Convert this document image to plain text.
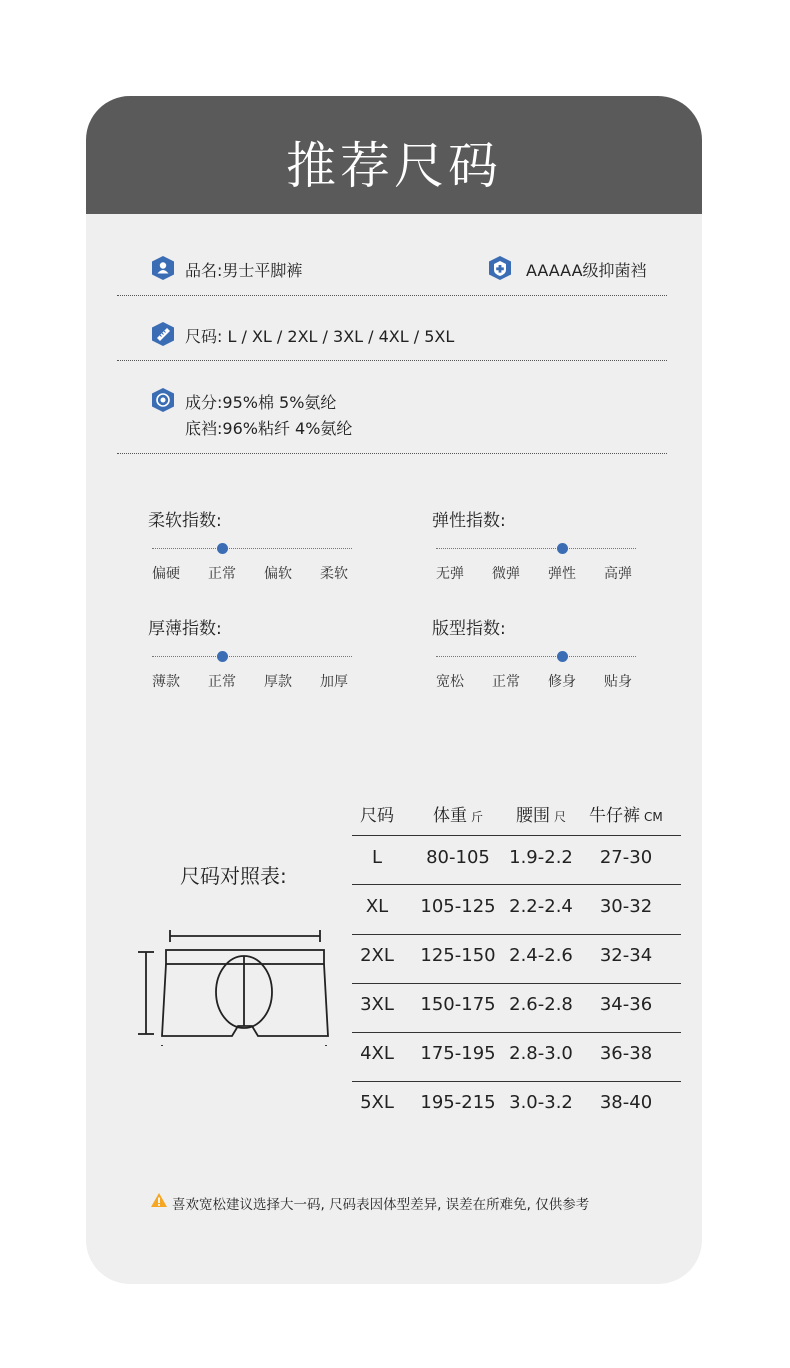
推荐尺码
品名:男士平脚裤	AAAAA级抑菌裆
尺码: L / XL / 2XL / 3XL / 4XL / 5XL
成分:95%棉 5%氨纶
底裆:96%粘纤 4%氨纶
柔软指数:
偏硬 正常 偏软 柔软
弹性指数:
无弹 微弹 弹性 高弹
厚薄指数:
薄款 正常 厚款 加厚
版型指数:
宽松 正常 修身 贴身
尺码对照表:
尺码 体重 斤 腰围 尺 牛仔裤 CM
L	80-105	1.9-2.2	27-30
XL	105-125 2.2-2.4	30-32
2XL	125-150 2.4-2.6	32-34
3XL	150-175 2.6-2.8	34-36
4XL	175-195 2.8-3.0	36-38
5XL	195-215 3.0-3.2	38-40
喜欢宽松建议选择大一码, 尺码表因体型差异, 误差在所难免, 仅供参考
